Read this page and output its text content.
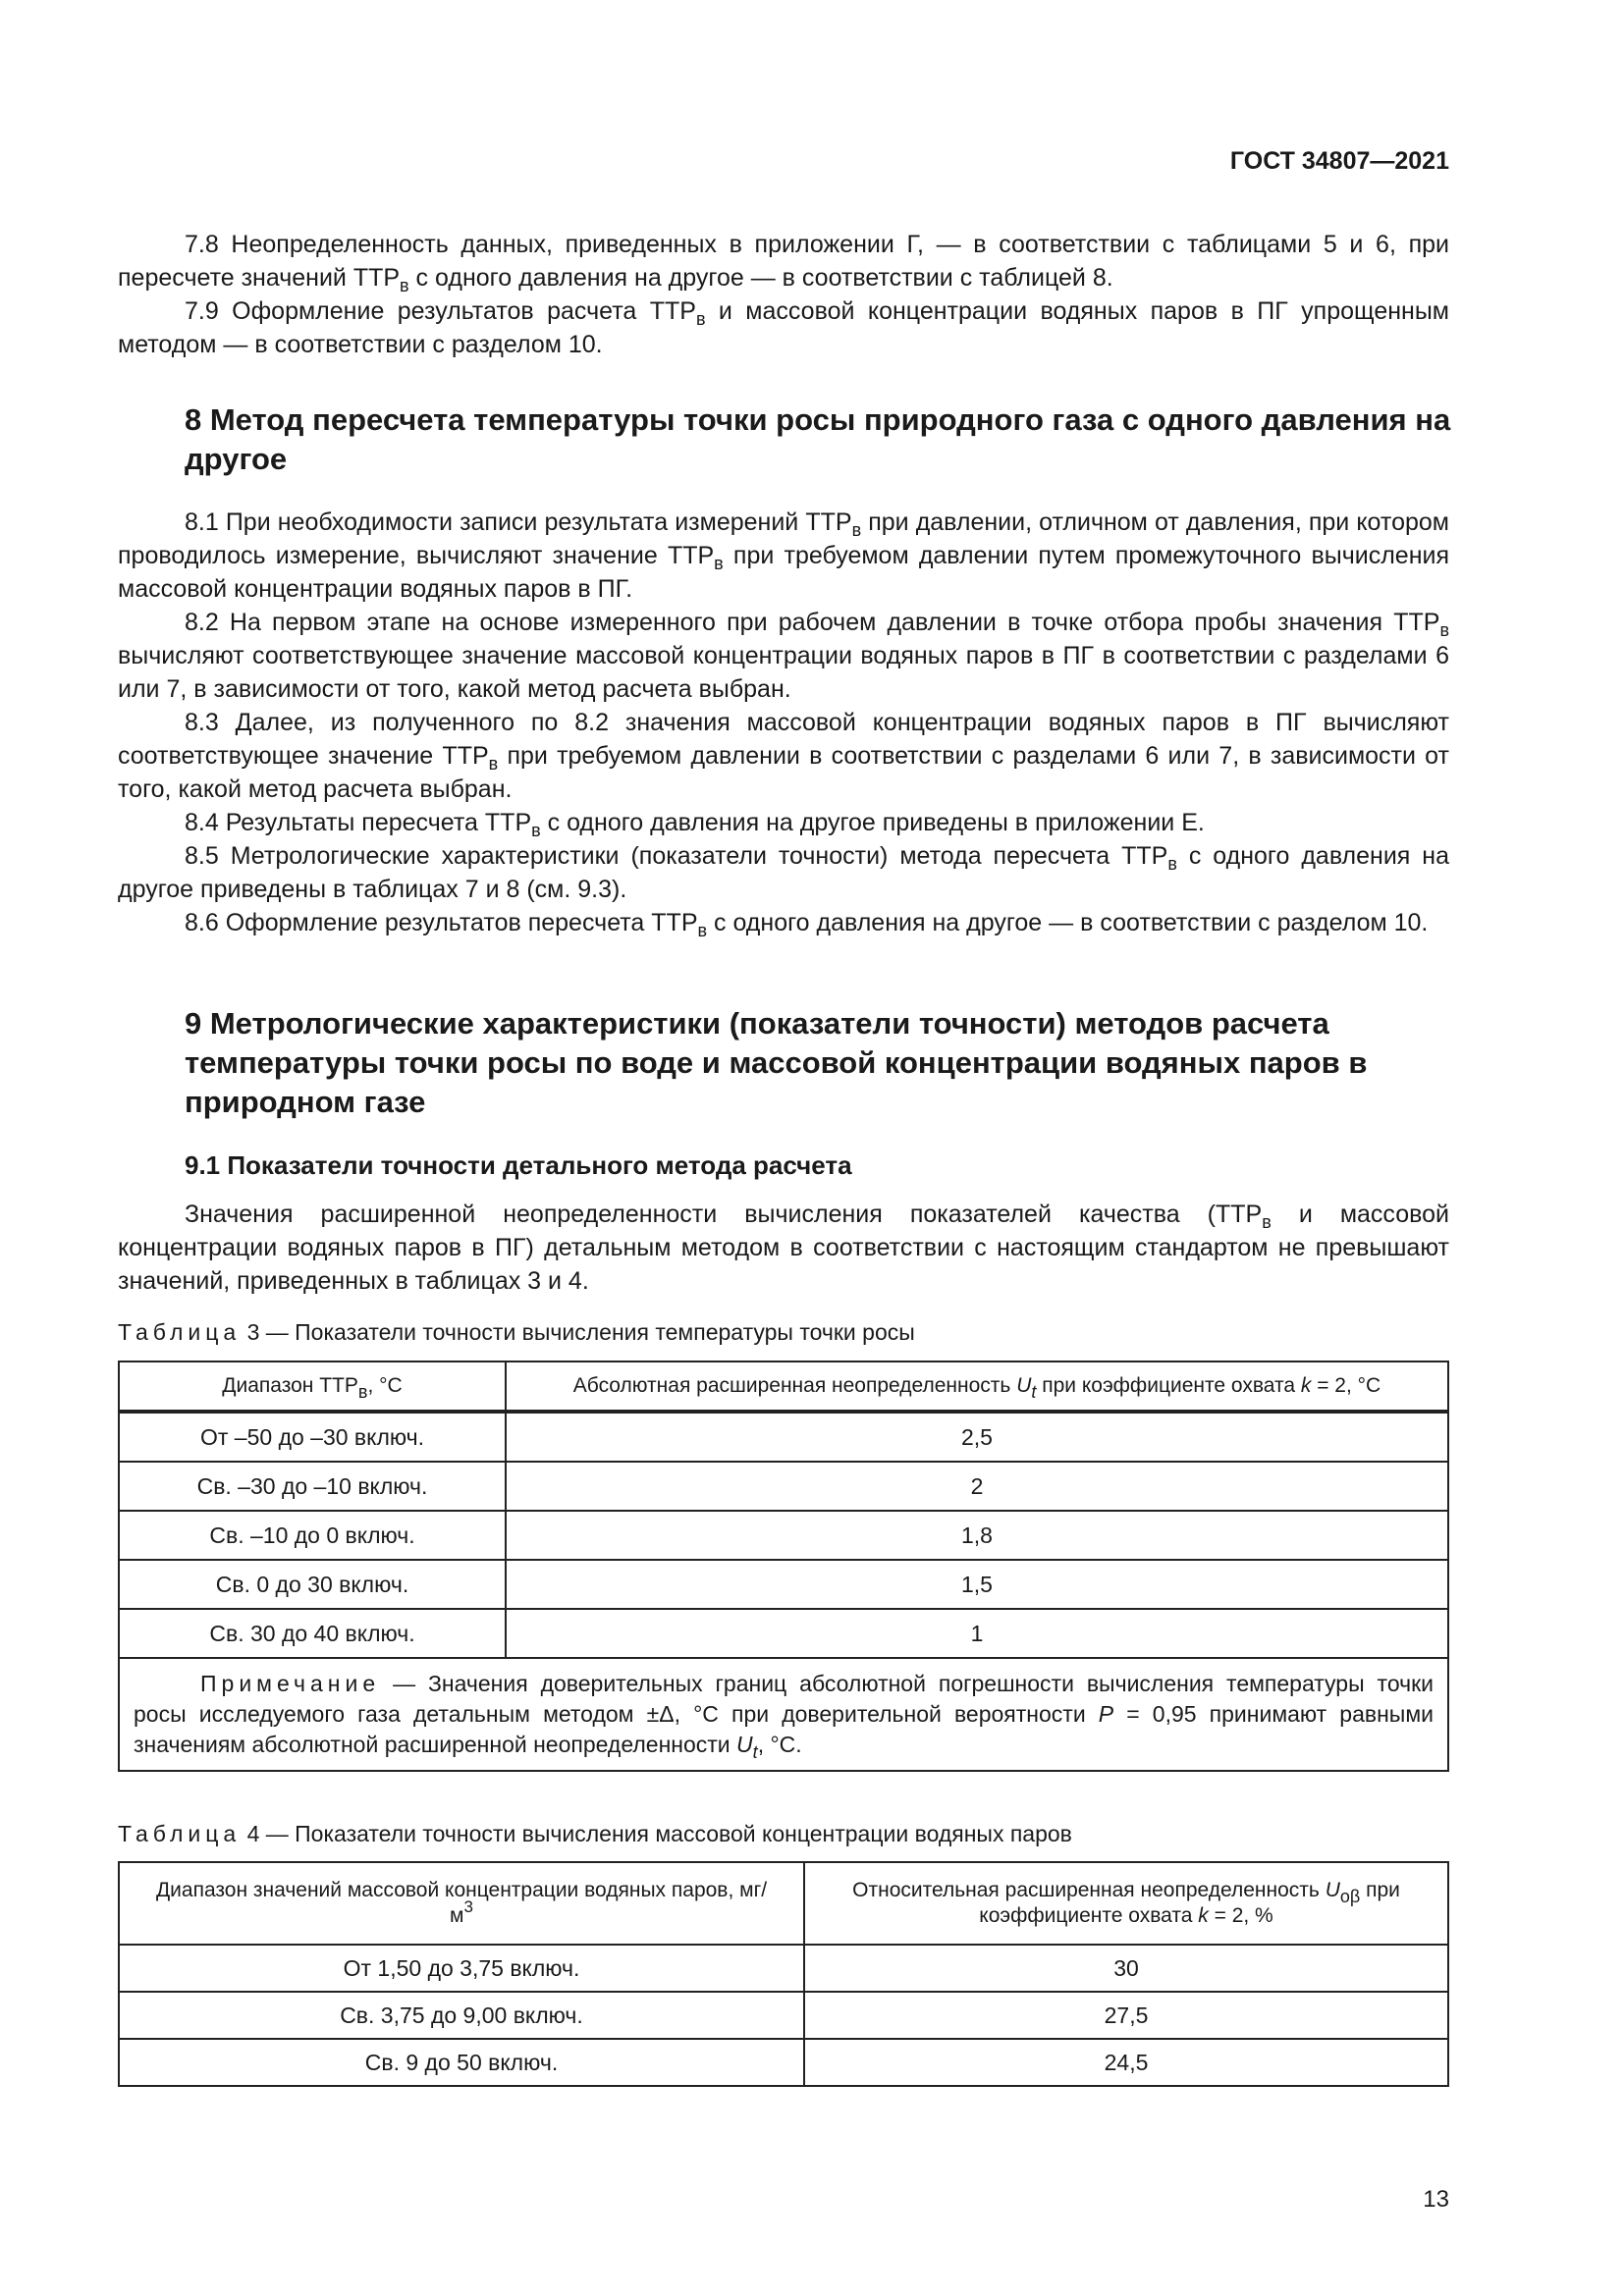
ГОСТ 34807—2021

7.8 Неопределенность данных, приведенных в приложении Г, — в соответствии с таблицами 5 и 6, при пересчете значений $ТТР_в$ с одного давления на другое — в соответствии с таблицей 8.

7.9 Оформление результатов расчета $ТТР_в$ и массовой концентрации водяных паров в ПГ упрощенным методом — в соответствии с разделом 10.

8 Метод пересчета температуры точки росы природного газа с одного давления на другое

8.1 При необходимости записи результата измерений $ТТР_в$ при давлении, отличном от давления, при котором проводилось измерение, вычисляют значение $ТТР_в$ при требуемом давлении путем промежуточного вычисления массовой концентрации водяных паров в ПГ.

8.2 На первом этапе на основе измеренного при рабочем давлении в точке отбора пробы значения $ТТР_в$ вычисляют соответствующее значение массовой концентрации водяных паров в ПГ в соответствии с разделами 6 или 7, в зависимости от того, какой метод расчета выбран.

8.3 Далее, из полученного по 8.2 значения массовой концентрации водяных паров в ПГ вычисляют соответствующее значение $ТТР_в$ при требуемом давлении в соответствии с разделами 6 или 7, в зависимости от того, какой метод расчета выбран.

8.4 Результаты пересчета $ТТР_в$ с одного давления на другое приведены в приложении Е.

8.5 Метрологические характеристики (показатели точности) метода пересчета $ТТР_в$ с одного давления на другое приведены в таблицах 7 и 8 (см. 9.3).

8.6 Оформление результатов пересчета $ТТР_в$ с одного давления на другое — в соответствии с разделом 10.

9 Метрологические характеристики (показатели точности) методов расчета температуры точки росы по воде и массовой концентрации водяных паров в природном газе
9.1 Показатели точности детального метода расчета

Значения расширенной неопределенности вычисления показателей качества ($ТТР_в$ и массовой концентрации водяных паров в ПГ) детальным методом в соответствии с настоящим стандартом не превышают значений, приведенных в таблицах 3 и 4.

Таблица 3 — Показатели точности вычисления температуры точки росы

Диапазон $ТТР_в$, °С	Абсолютная расширенная неопределенность $U_t$ при коэффициенте охвата k = 2, °С
От –50 до –30 включ.	2,5
Св. –30 до –10 включ.	2
Св. –10 до 0 включ.	1,8
Св. 0 до 30 включ.	1,5
Св. 30 до 40 включ.	1
Примечание — Значения доверительных границ абсолютной погрешности вычисления температуры точки росы исследуемого газа детальным методом ±Δ, °С при доверительной вероятности P = 0,95 принимают равными значениям абсолютной расширенной неопределенности $U_t$, °С.	

Таблица 4 — Показатели точности вычисления массовой концентрации водяных паров

Диапазон значений массовой концентрации водяных паров, $мг/м^3$	Относительная расширенная неопределенность $U_{о\beta}$ при коэффициенте охвата k = 2, %
От 1,50 до 3,75 включ.	30
Св. 3,75 до 9,00 включ.	27,5
Св. 9 до 50 включ.	24,5
13
